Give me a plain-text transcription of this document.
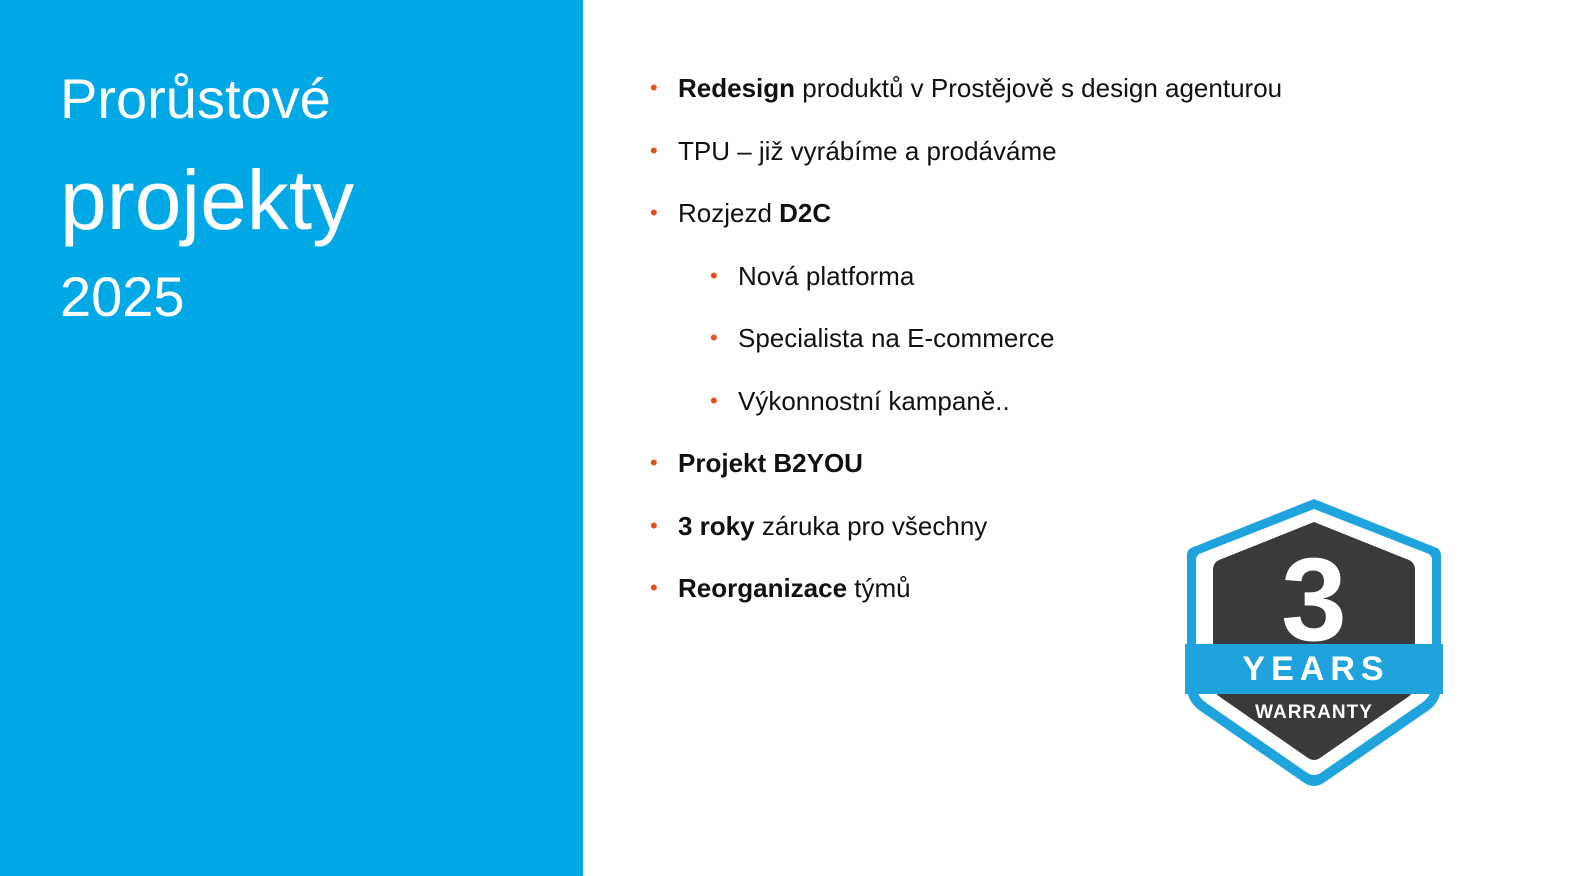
Prorůstové
projekty
2025
• Redesign produktů v Prostějově s design agenturou
• TPU – již vyrábíme a prodáváme
• Rozjezd D2C
• Nová platforma
• Specialista na E-commerce
• Výkonnostní kampaně..
• Projekt B2YOU
• 3 roky záruka pro všechny
• Reorganizace týmů	3
YEARS
WARRANTY
